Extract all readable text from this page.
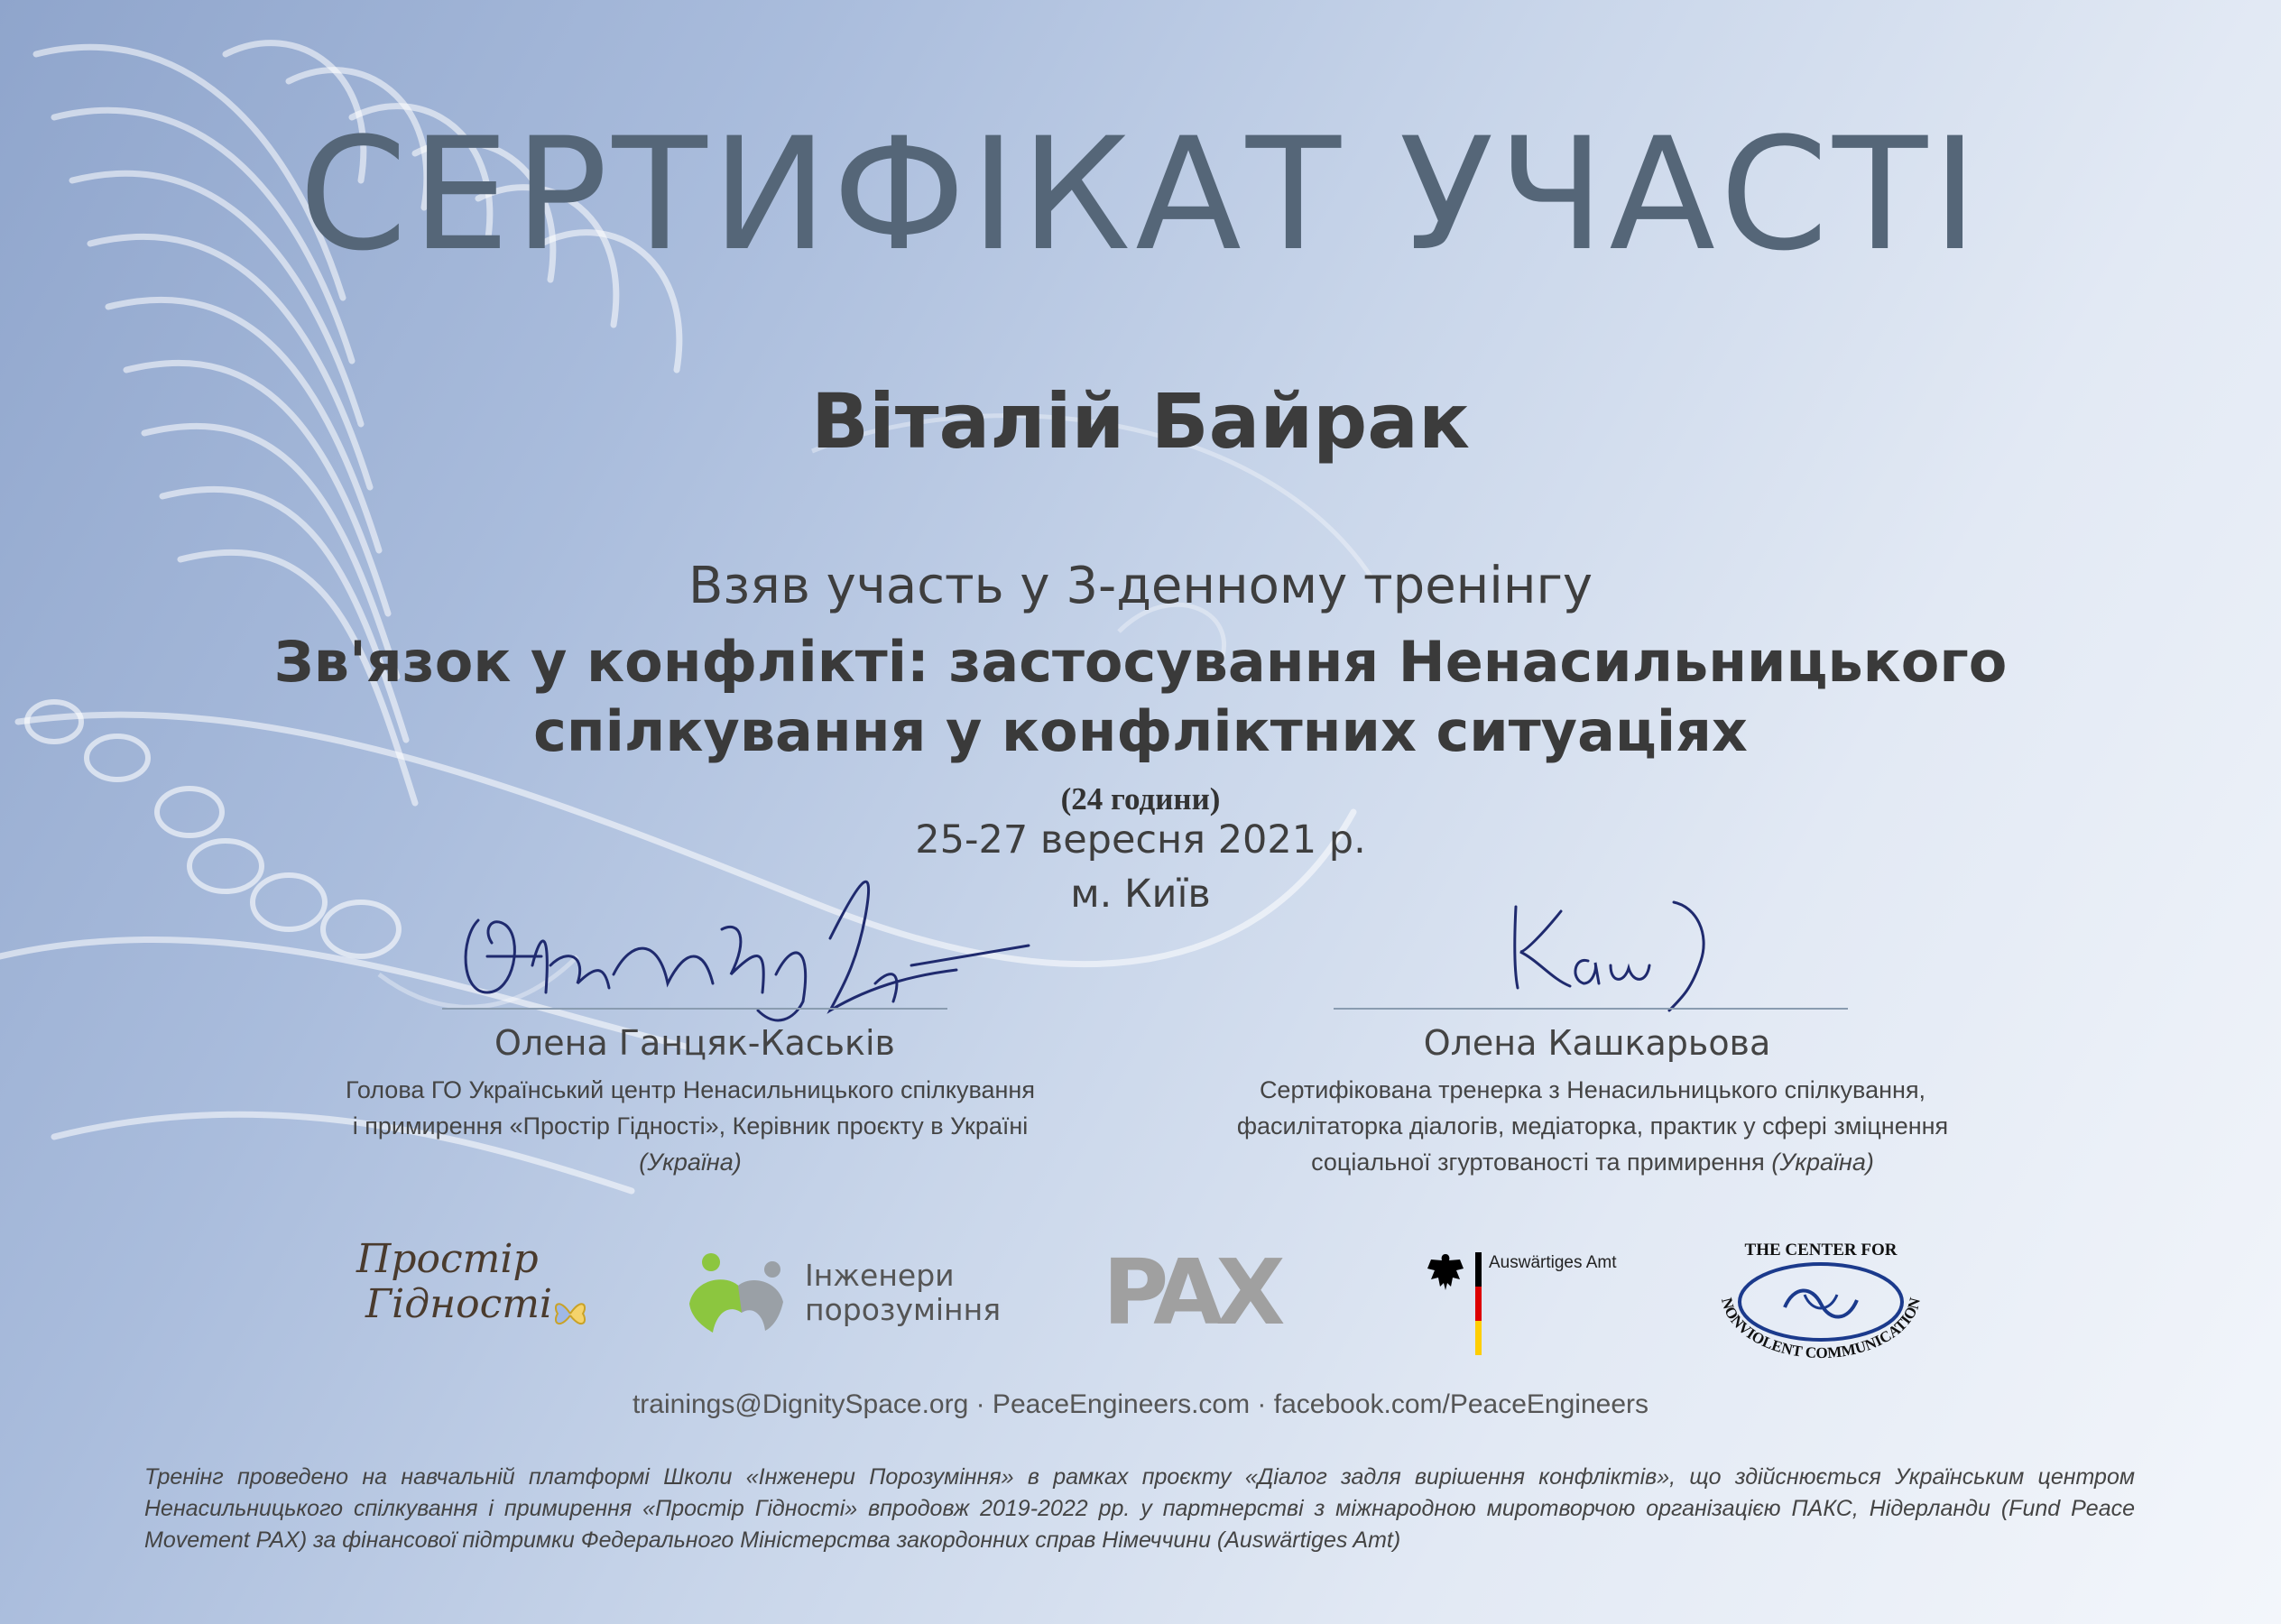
СЕРТИФІКАТ УЧАСТІ
Віталій Байрак
Взяв участь у 3-денному тренінгу
Зв'язок у конфлікті: застосування Ненасильницького
спілкування у конфліктних ситуаціях
(24 години)
25-27 вересня 2021 р.
м. Київ
Олена Ганцяк-Каськів
Голова ГО Український центр Ненасильницького спілкування
і примирення «Простір Гідності», Керівник проєкту в Україні
(Україна)
Олена Кашкарьова
Сертифікована тренерка з Ненасильницького спілкування,
фасилітаторка діалогів, медіаторка, практик у сфері зміцнення
соціальної згуртованості та примирення (Україна)
Простір
Гідності
Інженери
порозуміння PAX	Auswärtiges Amt
THE CENTER FOR
NONVIOLENT COMMUNICATION
trainings@DignitySpace.org · PeaceEngineers.com · facebook.com/PeaceEngineers
Тренінг проведено на навчальній платформі Школи «Інженери Порозуміння» в рамках проєкту «Діалог задля вирішення конфліктів», що здійснюється Українським центром Ненасильницького спілкування і примирення «Простір Гідності» впродовж 2019-2022 рр. у партнерстві з міжнародною миротворчою організацією ПАКС, Нідерланди (Fund Peace Movement PAX) за фінансової підтримки Федерального Міністерства закордонних справ Німеччини (Auswärtiges Amt)
